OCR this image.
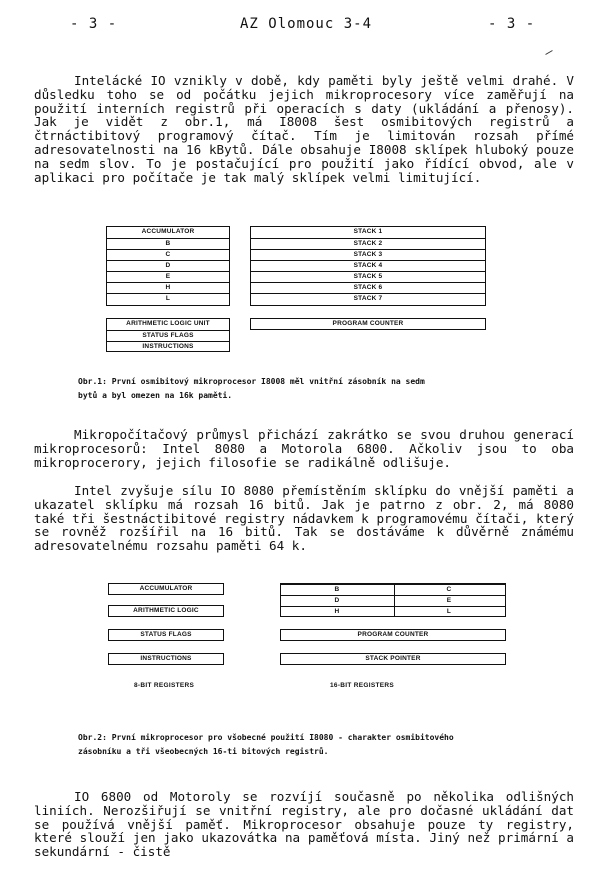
- 3 -	AZ Olomouc 3-4	- 3 -

Intelácké IO vznikly v době, kdy paměti byly ještě velmi drahé. V důsledku toho se od počátku jejich mikroprocesory více zaměřují na použití interních registrů při operacích s daty (ukládání a přenosy). Jak je vidět z obr.1, má I8008 šest osmibitových registrů a čtrnáctibitový programový čítač. Tím je limitován rozsah přímé adresovatelnosti na 16 kBytů. Dále obsahuje I8008 sklípek hluboký pouze na sedm slov. To je postačující pro použití jako řídící obvod, ale v aplikaci pro počítače je tak malý sklípek velmi limitující.

ACCUMULATOR
B
C
D
E
H
L
STACK 1
STACK 2
STACK 3
STACK 4
STACK 5
STACK 6
STACK 7
ARITHMETIC LOGIC UNIT
STATUS FLAGS
INSTRUCTIONS
PROGRAM COUNTER

Obr.1: První osmibitový mikroprocesor I8008 měl vnitřní zásobník na sedm

bytů a byl omezen na 16k paměti.

Mikropočítačový průmysl přichází zakrátko se svou druhou generací mikroprocesorů: Intel 8080 a Motorola 6800. Ačkoliv jsou to oba mikroprocerory, jejich filosofie se radikálně odlišuje.

Intel zvyšuje sílu IO 8080 přemístěním sklípku do vnější paměti a ukazatel sklípku má rozsah 16 bitů. Jak je patrno z obr. 2, má 8080 také tři šestnáctibitové registry nádavkem k programovému čítači, který se rovněž rozšířil na 16 bitů. Tak se dostáváme k důvěrně známému adresovatelnému rozsahu paměti 64 k.

ACCUMULATOR
ARITHMETIC LOGIC
STATUS FLAGS
INSTRUCTIONS
B	C
D	E
H	L
PROGRAM COUNTER
STACK POINTER
8-BIT REGISTERS	16-BIT REGISTERS

Obr.2: První mikroprocesor pro všobecné použití I8080 - charakter osmibitového

zásobníku a tři všeobecných 16-ti bitových registrů.

IO 6800 od Motoroly se rozvíjí současně po několika odlišných liniích. Nerozšiřují se vnitřní registry, ale pro dočasné ukládání dat se používá vnější paměť. Mikroprocesor obsahuje pouze ty registry, které slouží jen jako ukazovátka na paměťová místa. Jiný než primární a sekundární - čistě
